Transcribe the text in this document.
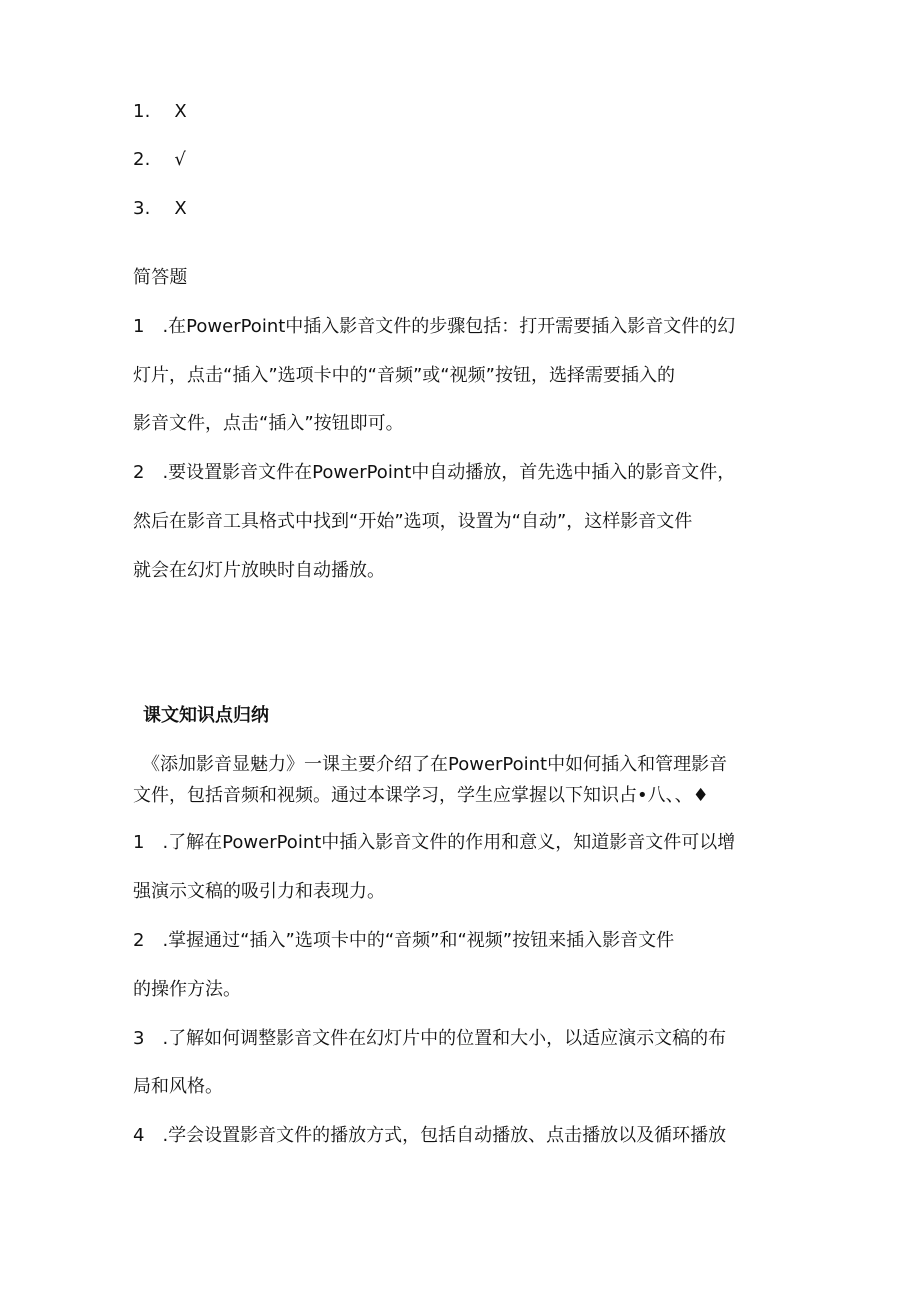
1. X
2. √
3. X
简答题
1　.在PowerPoint中插入影音文件的步骤包括：打开需要插入影音文件的幻
灯片，点击“插入”选项卡中的“音频”或“视频”按钮，选择需要插入的
影音文件，点击“插入”按钮即可。
2　.要设置影音文件在PowerPoint中自动播放，首先选中插入的影音文件，
然后在影音工具格式中找到“开始”选项，设置为“自动”，这样影音文件
就会在幻灯片放映时自动播放。
课文知识点归纳
　《添加影音显魅力》一课主要介绍了在PowerPoint中如何插入和管理影音
文件，包括音频和视频。通过本课学习，学生应掌握以下知识占•八、、♦
1　.了解在PowerPoint中插入影音文件的作用和意义，知道影音文件可以增
强演示文稿的吸引力和表现力。
2　.掌握通过“插入”选项卡中的“音频”和“视频”按钮来插入影音文件
的操作方法。
3　.了解如何调整影音文件在幻灯片中的位置和大小，以适应演示文稿的布
局和风格。
4　.学会设置影音文件的播放方式，包括自动播放、点击播放以及循环播放
